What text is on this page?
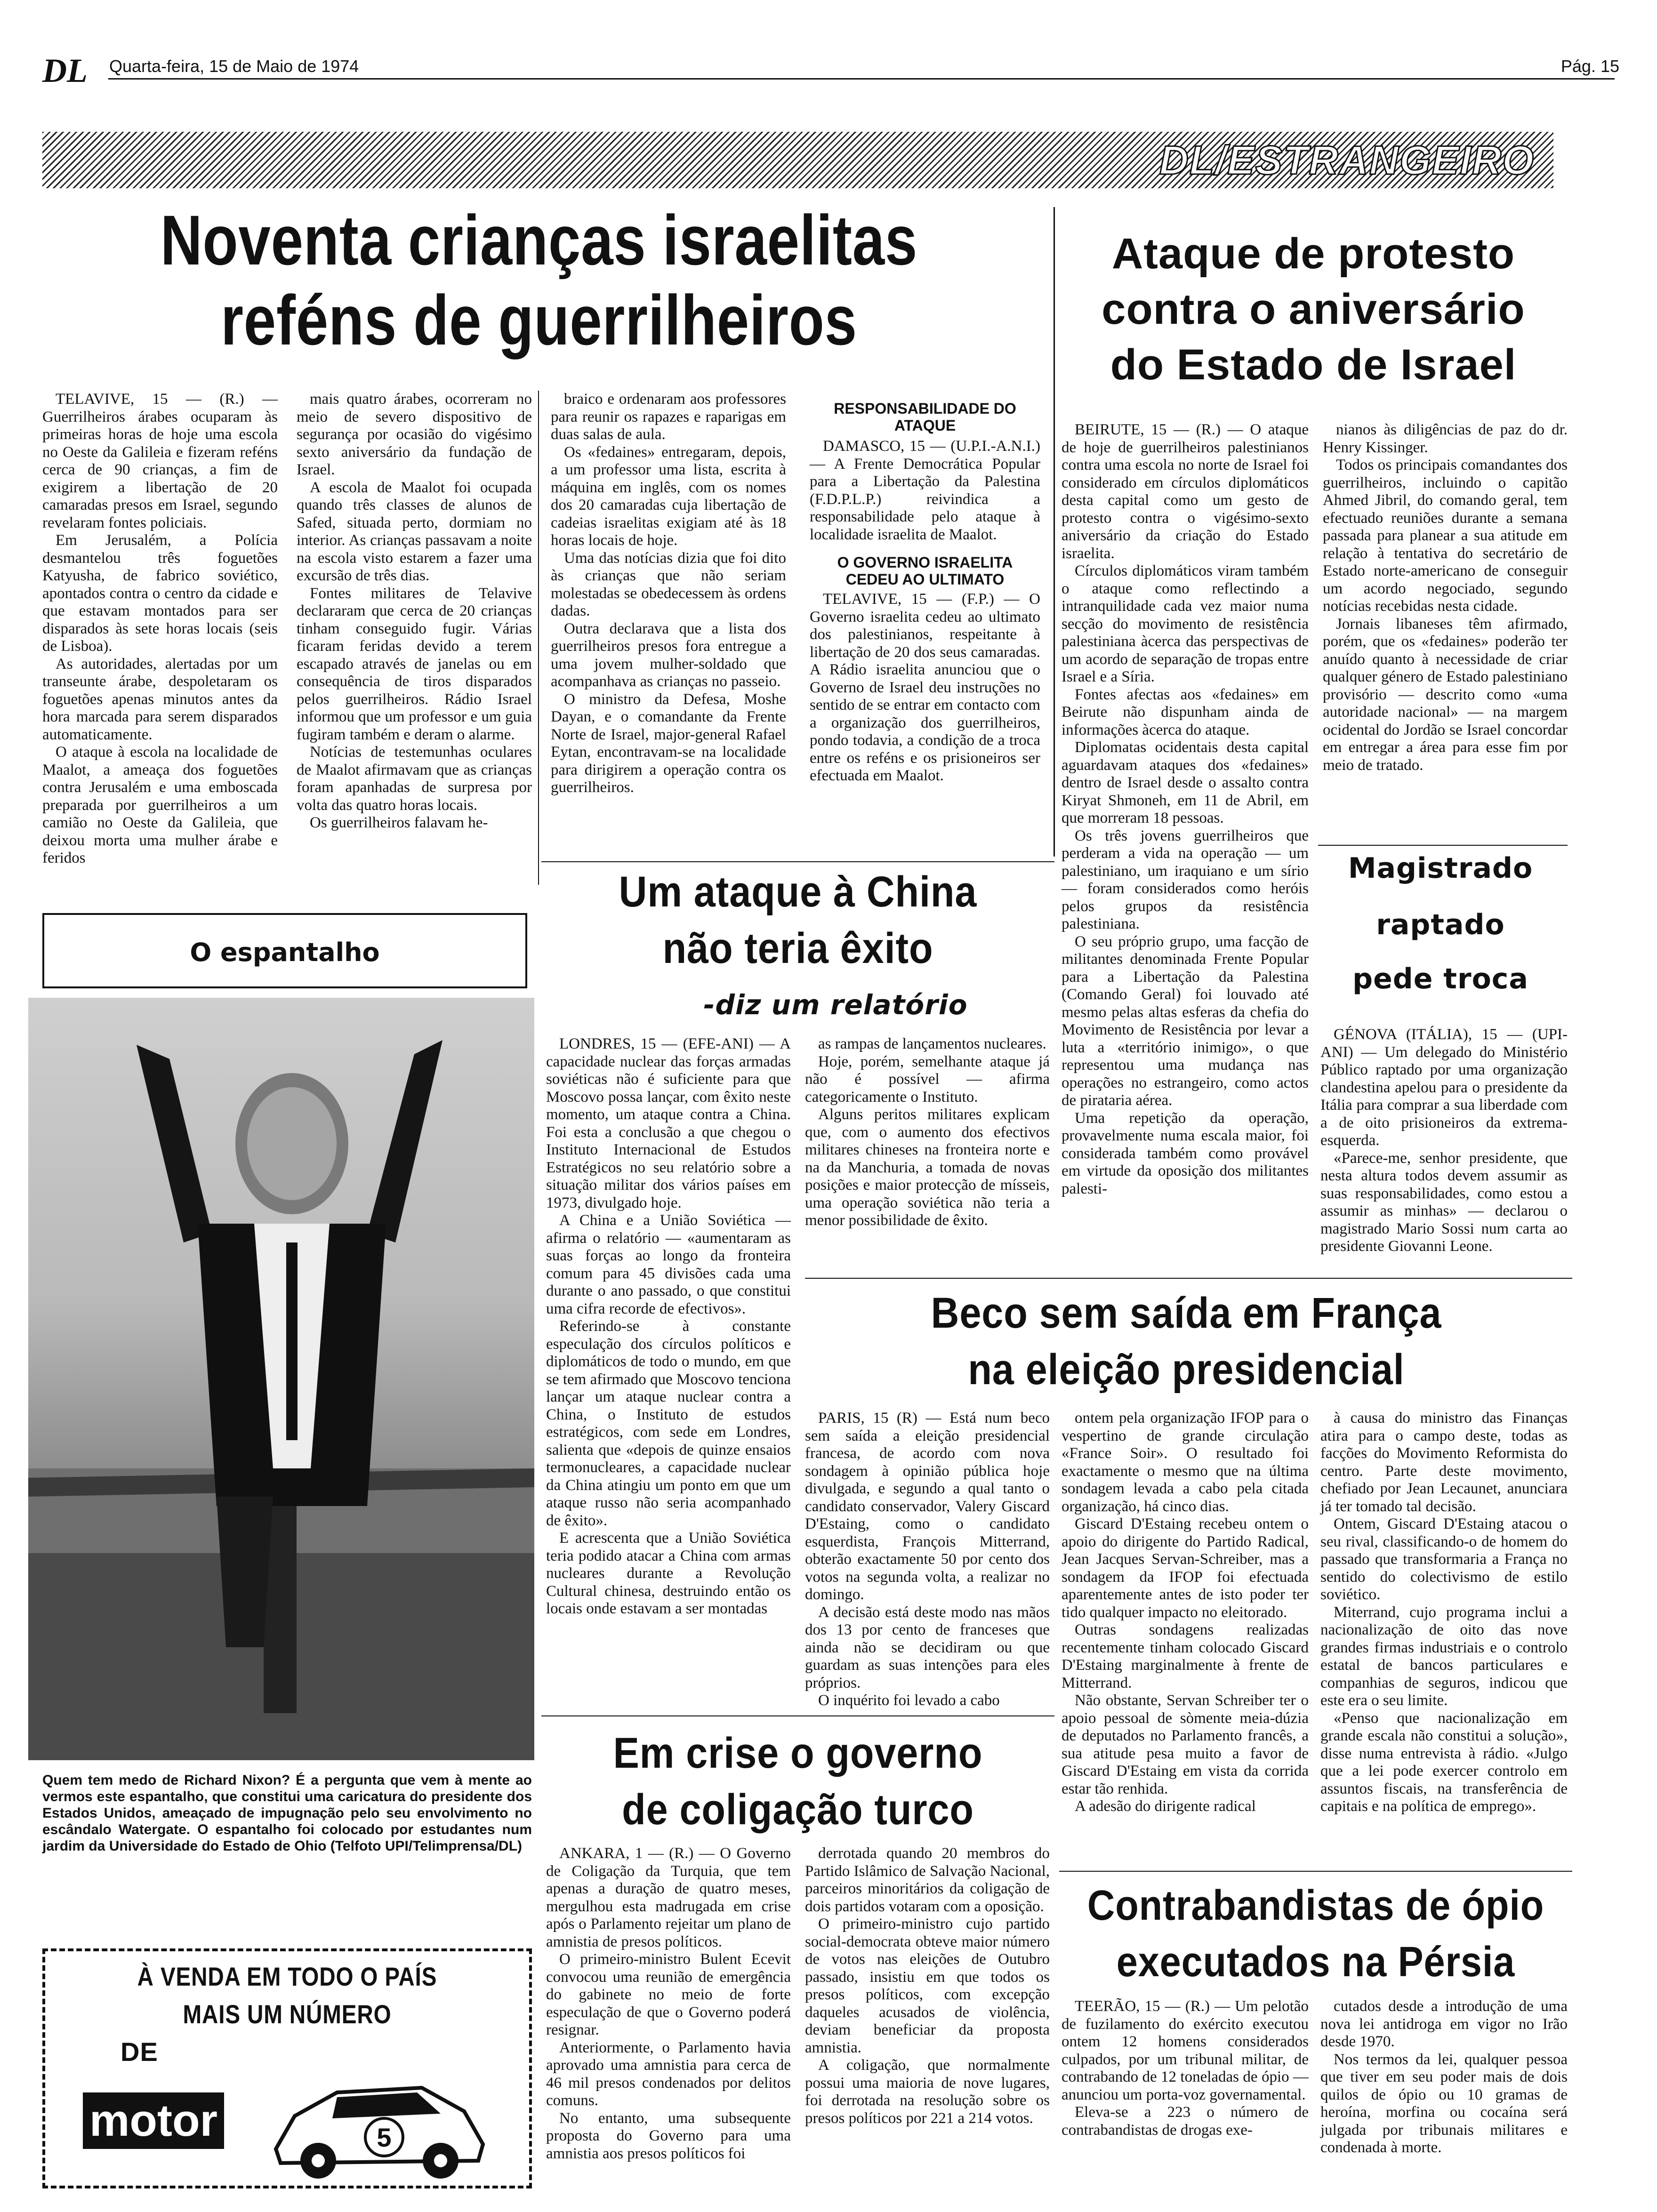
DL Quarta-feira, 15 de Maio de 1974	Pág. 15
DL/ESTRANGEIRO
Noventa crianças israelitas
reféns de guerrilheiros

TELAVIVE, 15 — (R.) — Guerrilheiros árabes ocuparam às primeiras horas de hoje uma escola no Oeste da Galileia e fizeram reféns cerca de 90 crianças, a fim de exigirem a libertação de 20 camaradas presos em Israel, segundo revelaram fontes policiais.

Em Jerusalém, a Polícia desmantelou três foguetões Katyusha, de fabrico soviético, apontados contra o centro da cidade e que estavam montados para ser disparados às sete horas locais (seis de Lisboa).

As autoridades, alertadas por um transeunte árabe, despoletaram os foguetões apenas minutos antes da hora marcada para serem disparados automaticamente.

O ataque à escola na localidade de Maalot, a ameaça dos foguetões contra Jerusalém e uma emboscada preparada por guerrilheiros a um camião no Oeste da Galileia, que deixou morta uma mulher árabe e feridos

mais quatro árabes, ocorreram no meio de severo dispositivo de segurança por ocasião do vigésimo sexto aniversário da fundação de Israel.

A escola de Maalot foi ocupada quando três classes de alunos de Safed, situada perto, dormiam no interior. As crianças passavam a noite na escola visto estarem a fazer uma excursão de três dias.

Fontes militares de Telavive declararam que cerca de 20 crianças tinham conseguido fugir. Várias ficaram feridas devido a terem escapado através de janelas ou em consequência de tiros disparados pelos guerrilheiros. Rádio Israel informou que um professor e um guia fugiram também e deram o alarme.

Notícias de testemunhas oculares de Maalot afirmavam que as crianças foram apanhadas de surpresa por volta das quatro horas locais.

Os guerrilheiros falavam he-

braico e ordenaram aos professores para reunir os rapazes e raparigas em duas salas de aula.

Os «fedaines» entregaram, depois, a um professor uma lista, escrita à máquina em inglês, com os nomes dos 20 camaradas cuja libertação de cadeias israelitas exigiam até às 18 horas locais de hoje.

Uma das notícias dizia que foi dito às crianças que não seriam molestadas se obedecessem às ordens dadas.

Outra declarava que a lista dos guerrilheiros presos fora entregue a uma jovem mulher-soldado que acompanhava as crianças no passeio.

O ministro da Defesa, Moshe Dayan, e o comandante da Frente Norte de Israel, major-general Rafael Eytan, encontravam-se na localidade para dirigirem a operação contra os guerrilheiros.

RESPONSABILIDADE DO ATAQUE

DAMASCO, 15 — (U.P.I.-A.N.I.) — A Frente Democrática Popular para a Libertação da Palestina (F.D.P.L.P.) reivindica a responsabilidade pelo ataque à localidade israelita de Maalot.

O GOVERNO ISRAELITA CEDEU AO ULTIMATO

TELAVIVE, 15 — (F.P.) — O Governo israelita cedeu ao ultimato dos palestinianos, respeitante à libertação de 20 dos seus camaradas. A Rádio israelita anunciou que o Governo de Israel deu instruções no sentido de se entrar em contacto com a organização dos guerrilheiros, pondo todavia, a condição de a troca entre os reféns e os prisioneiros ser efectuada em Maalot.

Ataque de protesto contra o aniversário do Estado de Israel

BEIRUTE, 15 — (R.) — O ataque de hoje de guerrilheiros palestinianos contra uma escola no norte de Israel foi considerado em círculos diplomáticos desta capital como um gesto de protesto contra o vigésimo-sexto aniversário da criação do Estado israelita.

Círculos diplomáticos viram também o ataque como reflectindo a intranquilidade cada vez maior numa secção do movimento de resistência palestiniana àcerca das perspectivas de um acordo de separação de tropas entre Israel e a Síria.

Fontes afectas aos «fedaines» em Beirute não dispunham ainda de informações àcerca do ataque.

Diplomatas ocidentais desta capital aguardavam ataques dos «fedaines» dentro de Israel desde o assalto contra Kiryat Shmoneh, em 11 de Abril, em que morreram 18 pessoas.

Os três jovens guerrilheiros que perderam a vida na operação — um palestiniano, um iraquiano e um sírio — foram considerados como heróis pelos grupos da resistência palestiniana.

O seu próprio grupo, uma facção de militantes denominada Frente Popular para a Libertação da Palestina (Comando Geral) foi louvado até mesmo pelas altas esferas da chefia do Movimento de Resistência por levar a luta a «território inimigo», o que representou uma mudança nas operações no estrangeiro, como actos de pirataria aérea.

Uma repetição da operação, provavelmente numa escala maior, foi considerada também como provável em virtude da oposição dos militantes palesti-

nianos às diligências de paz do dr. Henry Kissinger.

Todos os principais comandantes dos guerrilheiros, incluindo o capitão Ahmed Jibril, do comando geral, tem efectuado reuniões durante a semana passada para planear a sua atitude em relação à tentativa do secretário de Estado norte-americano de conseguir um acordo negociado, segundo notícias recebidas nesta cidade.

Jornais libaneses têm afirmado, porém, que os «fedaines» poderão ter anuído quanto à necessidade de criar qualquer género de Estado palestiniano provisório — descrito como «uma autoridade nacional» — na margem ocidental do Jordão se Israel concordar em entregar a área para esse fim por meio de tratado.

Magistrado
raptado
pede troca

GÉNOVA (ITÁLIA), 15 — (UPI-ANI) — Um delegado do Ministério Público raptado por uma organização clandestina apelou para o presidente da Itália para comprar a sua liberdade com a de oito prisioneiros da extrema-esquerda.

«Parece-me, senhor presidente, que nesta altura todos devem assumir as suas responsabilidades, como estou a assumir as minhas» — declarou o magistrado Mario Sossi num carta ao presidente Giovanni Leone.

O espantalho
Quem tem medo de Richard Nixon? É a pergunta que vem à mente ao vermos este espantalho, que constitui uma caricatura do presidente dos Estados Unidos, ameaçado de impugnação pelo seu envolvimento no escândalo Watergate. O espantalho foi colocado por estudantes num jardim da Universidade do Estado de Ohio (Telfoto UPI/Telimprensa/DL)
Um ataque à China
não teria êxito
-diz um relatório

LONDRES, 15 — (EFE-ANI) — A capacidade nuclear das forças armadas soviéticas não é suficiente para que Moscovo possa lançar, com êxito neste momento, um ataque contra a China. Foi esta a conclusão a que chegou o Instituto Internacional de Estudos Estratégicos no seu relatório sobre a situação militar dos vários países em 1973, divulgado hoje.

A China e a União Soviética — afirma o relatório — «aumentaram as suas forças ao longo da fronteira comum para 45 divisões cada uma durante o ano passado, o que constitui uma cifra recorde de efectivos».

Referindo-se à constante especulação dos círculos políticos e diplomáticos de todo o mundo, em que se tem afirmado que Moscovo tenciona lançar um ataque nuclear contra a China, o Instituto de estudos estratégicos, com sede em Londres, salienta que «depois de quinze ensaios termonucleares, a capacidade nuclear da China atingiu um ponto em que um ataque russo não seria acompanhado de êxito».

E acrescenta que a União Soviética teria podido atacar a China com armas nucleares durante a Revolução Cultural chinesa, destruindo então os locais onde estavam a ser montadas

as rampas de lançamentos nucleares.

Hoje, porém, semelhante ataque já não é possível — afirma categoricamente o Instituto.

Alguns peritos militares explicam que, com o aumento dos efectivos militares chineses na fronteira norte e na da Manchuria, a tomada de novas posições e maior protecção de mísseis, uma operação soviética não teria a menor possibilidade de êxito.

Beco sem saída em França
na eleição presidencial

PARIS, 15 (R) — Está num beco sem saída a eleição presidencial francesa, de acordo com nova sondagem à opinião pública hoje divulgada, e segundo a qual tanto o candidato conservador, Valery Giscard D'Estaing, como o candidato esquerdista, François Mitterrand, obterão exactamente 50 por cento dos votos na segunda volta, a realizar no domingo.

A decisão está deste modo nas mãos dos 13 por cento de franceses que ainda não se decidiram ou que guardam as suas intenções para eles próprios.

O inquérito foi levado a cabo

ontem pela organização IFOP para o vespertino de grande circulação «France Soir». O resultado foi exactamente o mesmo que na última sondagem levada a cabo pela citada organização, há cinco dias.

Giscard D'Estaing recebeu ontem o apoio do dirigente do Partido Radical, Jean Jacques Servan-Schreiber, mas a sondagem da IFOP foi efectuada aparentemente antes de isto poder ter tido qualquer impacto no eleitorado.

Outras sondagens realizadas recentemente tinham colocado Giscard D'Estaing marginalmente à frente de Mitterrand.

Não obstante, Servan Schreiber ter o apoio pessoal de sòmente meia-dúzia de deputados no Parlamento francês, a sua atitude pesa muito a favor de Giscard D'Estaing em vista da corrida estar tão renhida.

A adesão do dirigente radical

à causa do ministro das Finanças atira para o campo deste, todas as facções do Movimento Reformista do centro. Parte deste movimento, chefiado por Jean Lecaunet, anunciara já ter tomado tal decisão.

Ontem, Giscard D'Estaing atacou o seu rival, classificando-o de homem do passado que transformaria a França no sentido do colectivismo de estilo soviético.

Miterrand, cujo programa inclui a nacionalização de oito das nove grandes firmas industriais e o controlo estatal de bancos particulares e companhias de seguros, indicou que este era o seu limite.

«Penso que nacionalização em grande escala não constitui a solução», disse numa entrevista à rádio. «Julgo que a lei pode exercer controlo em assuntos fiscais, na transferência de capitais e na política de emprego».

Em crise o governo
de coligação turco

ANKARA, 1 — (R.) — O Governo de Coligação da Turquia, que tem apenas a duração de quatro meses, mergulhou esta madrugada em crise após o Parlamento rejeitar um plano de amnistia de presos políticos.

O primeiro-ministro Bulent Ecevit convocou uma reunião de emergência do gabinete no meio de forte especulação de que o Governo poderá resignar.

Anteriormente, o Parlamento havia aprovado uma amnistia para cerca de 46 mil presos condenados por delitos comuns.

No entanto, uma subsequente proposta do Governo para uma amnistia aos presos políticos foi

derrotada quando 20 membros do Partido Islâmico de Salvação Nacional, parceiros minoritários da coligação de dois partidos votaram com a oposição.

O primeiro-ministro cujo partido social-democrata obteve maior número de votos nas eleições de Outubro passado, insistiu em que todos os presos políticos, com excepção daqueles acusados de violência, deviam beneficiar da proposta amnistia.

A coligação, que normalmente possui uma maioria de nove lugares, foi derrotada na resolução sobre os presos políticos por 221 a 214 votos.

Contrabandistas de ópio
executados na Pérsia

TEERÃO, 15 — (R.) — Um pelotão de fuzilamento do exército executou ontem 12 homens considerados culpados, por um tribunal militar, de contrabando de 12 toneladas de ópio — anunciou um porta-voz governamental.

Eleva-se a 223 o número de contrabandistas de drogas exe-

cutados desde a introdução de uma nova lei antidroga em vigor no Irão desde 1970.

Nos termos da lei, qualquer pessoa que tiver em seu poder mais de dois quilos de ópio ou 10 gramas de heroína, morfina ou cocaína será julgada por tribunais militares e condenada à morte.

À VENDA EM TODO O PAÍS
MAIS UM NÚMERO
DE
motor	5
